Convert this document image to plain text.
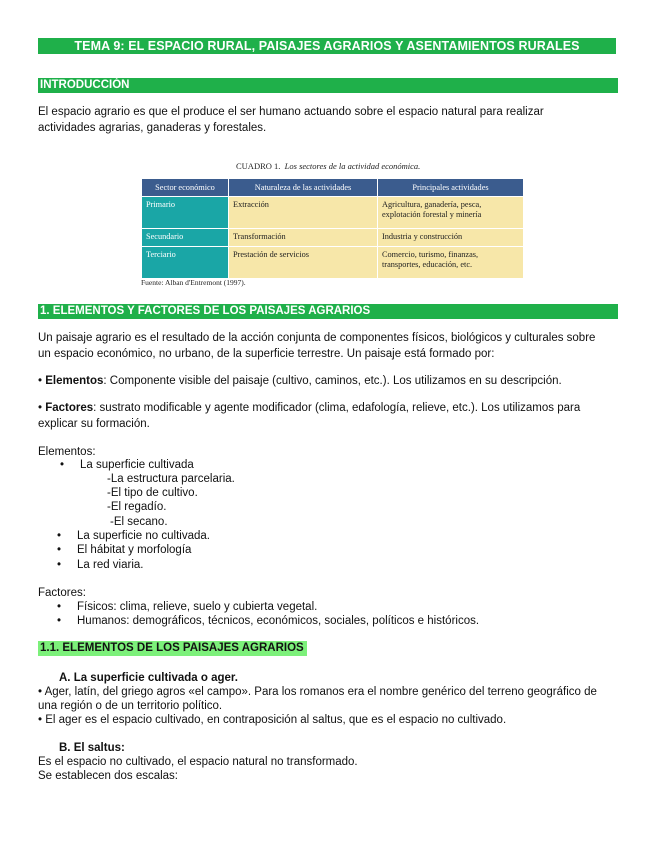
TEMA 9: EL ESPACIO RURAL, PAISAJES AGRARIOS Y ASENTAMIENTOS RURALES
INTRODUCCIÓN
El espacio agrario es que el produce el ser humano actuando sobre el espacio natural para realizar
actividades agrarias, ganaderas y forestales.
CUADRO 1. Los sectores de la actividad económica.
Sector económico	Naturaleza de las actividades	Principales actividades
Primario	Extracción	Agricultura, ganadería, pesca,
explotación forestal y minería

Secundario	Transformación	Industria y construcción
Terciario	Prestación de servicios	Comercio, turismo, finanzas,
transportes, educación, etc.
Fuente: Alban d'Entremont (1997).
1. ELEMENTOS Y FACTORES DE LOS PAISAJES AGRARIOS
Un paisaje agrario es el resultado de la acción conjunta de componentes físicos, biológicos y culturales sobre
un espacio económico, no urbano, de la superficie terrestre. Un paisaje está formado por:
• Elementos: Componente visible del paisaje (cultivo, caminos, etc.). Los utilizamos en su descripción.
• Factores: sustrato modificable y agente modificador (clima, edafología, relieve, etc.). Los utilizamos para
explicar su formación.
Elementos:
• La superficie cultivada
-La estructura parcelaria.
-El tipo de cultivo.
-El regadío.
-El secano.
• La superficie no cultivada.
• El hábitat y morfología
• La red viaria.
Factores:
• Físicos: clima, relieve, suelo y cubierta vegetal.
• Humanos: demográficos, técnicos, económicos, sociales, políticos e históricos.
1.1. ELEMENTOS DE LOS PAISAJES AGRARIOS
A. La superficie cultivada o ager.
• Ager, latín, del griego agros «el campo». Para los romanos era el nombre genérico del terreno geográfico de
una región o de un territorio político.
• El ager es el espacio cultivado, en contraposición al saltus, que es el espacio no cultivado.
B. El saltus:
Es el espacio no cultivado, el espacio natural no transformado.
Se establecen dos escalas:
